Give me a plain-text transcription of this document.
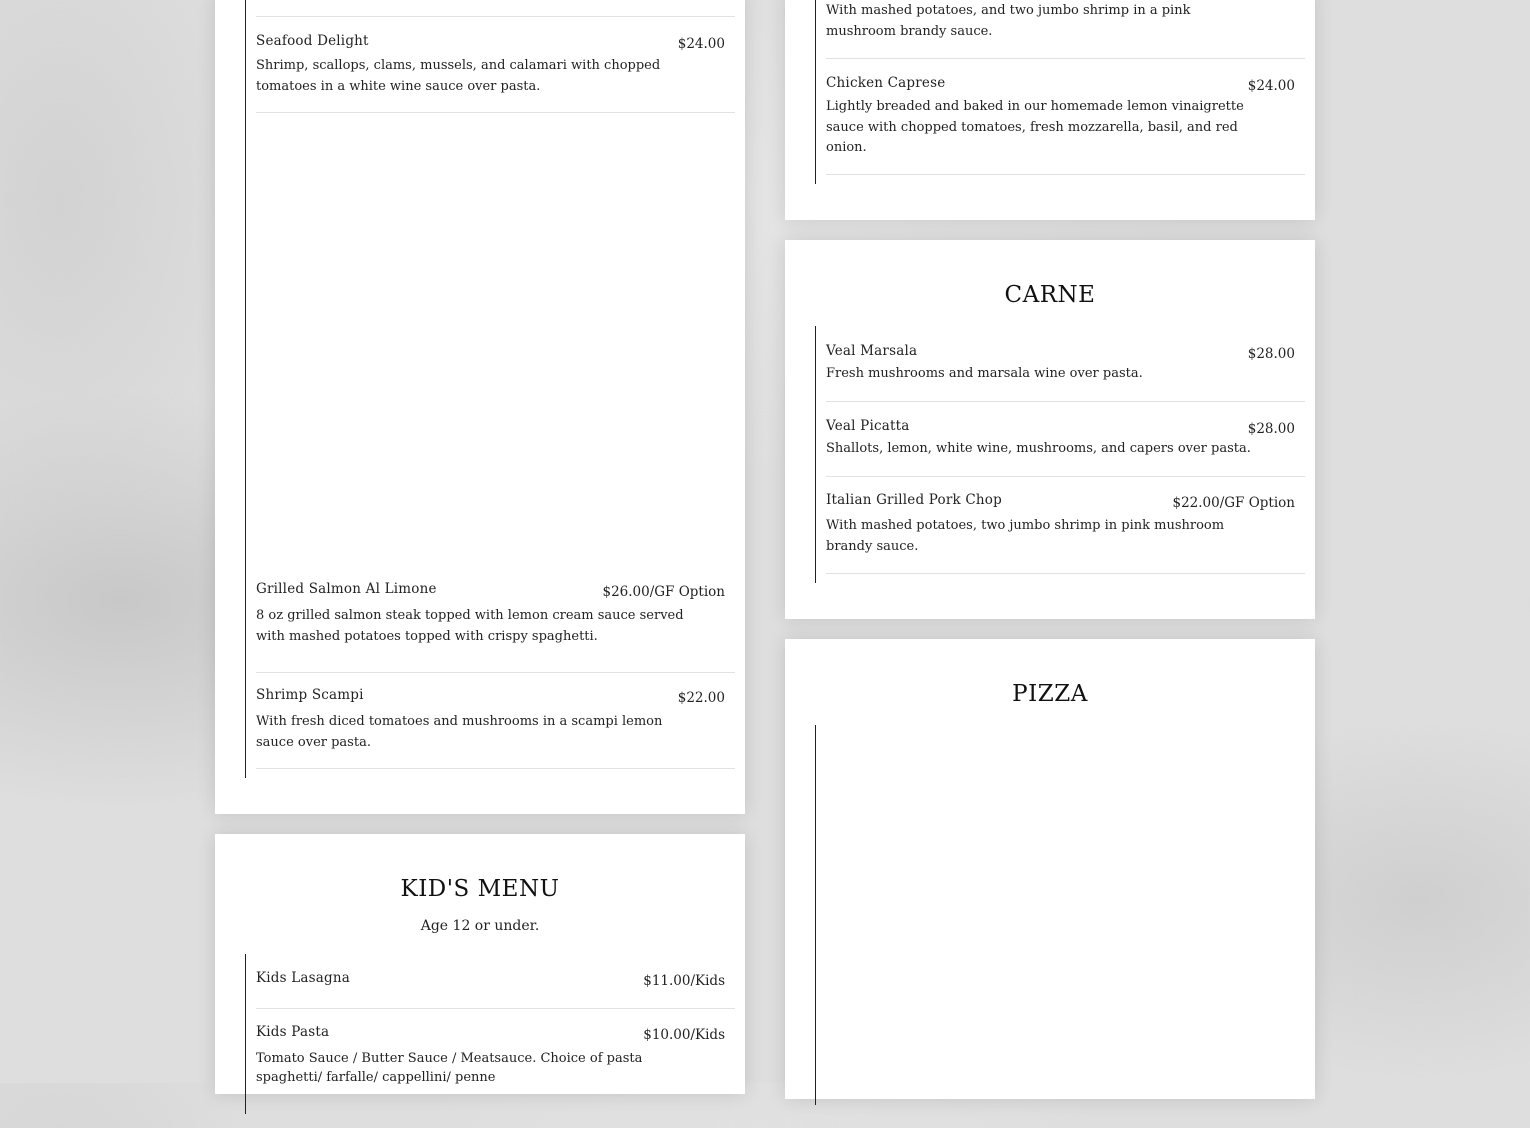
Seafood Delight	$24.00
Shrimp, scallops, clams, mussels, and calamari with chopped tomatoes in a white wine sauce over pasta.
Grilled Salmon Al Limone	$26.00/GF Option
8 oz grilled salmon steak topped with lemon cream sauce served with mashed potatoes topped with crispy spaghetti.
Shrimp Scampi	$22.00
With fresh diced tomatoes and mushrooms in a scampi lemon sauce over pasta.
KID'S MENU
Age 12 or under.
Kids Lasagna	$11.00/Kids
Kids Pasta	$10.00/Kids
Tomato Sauce / Butter Sauce / Meatsauce. Choice of pasta spaghetti/ farfalle/ cappellini/ penne
With mashed potatoes, and two jumbo shrimp in a pink mushroom brandy sauce.
Chicken Caprese	$24.00
Lightly breaded and baked in our homemade lemon vinaigrette sauce with chopped tomatoes, fresh mozzarella, basil, and red onion.
CARNE
Veal Marsala	$28.00
Fresh mushrooms and marsala wine over pasta.
Veal Picatta	$28.00
Shallots, lemon, white wine, mushrooms, and capers over pasta.
Italian Grilled Pork Chop	$22.00/GF Option
With mashed potatoes, two jumbo shrimp in pink mushroom brandy sauce.
PIZZA
